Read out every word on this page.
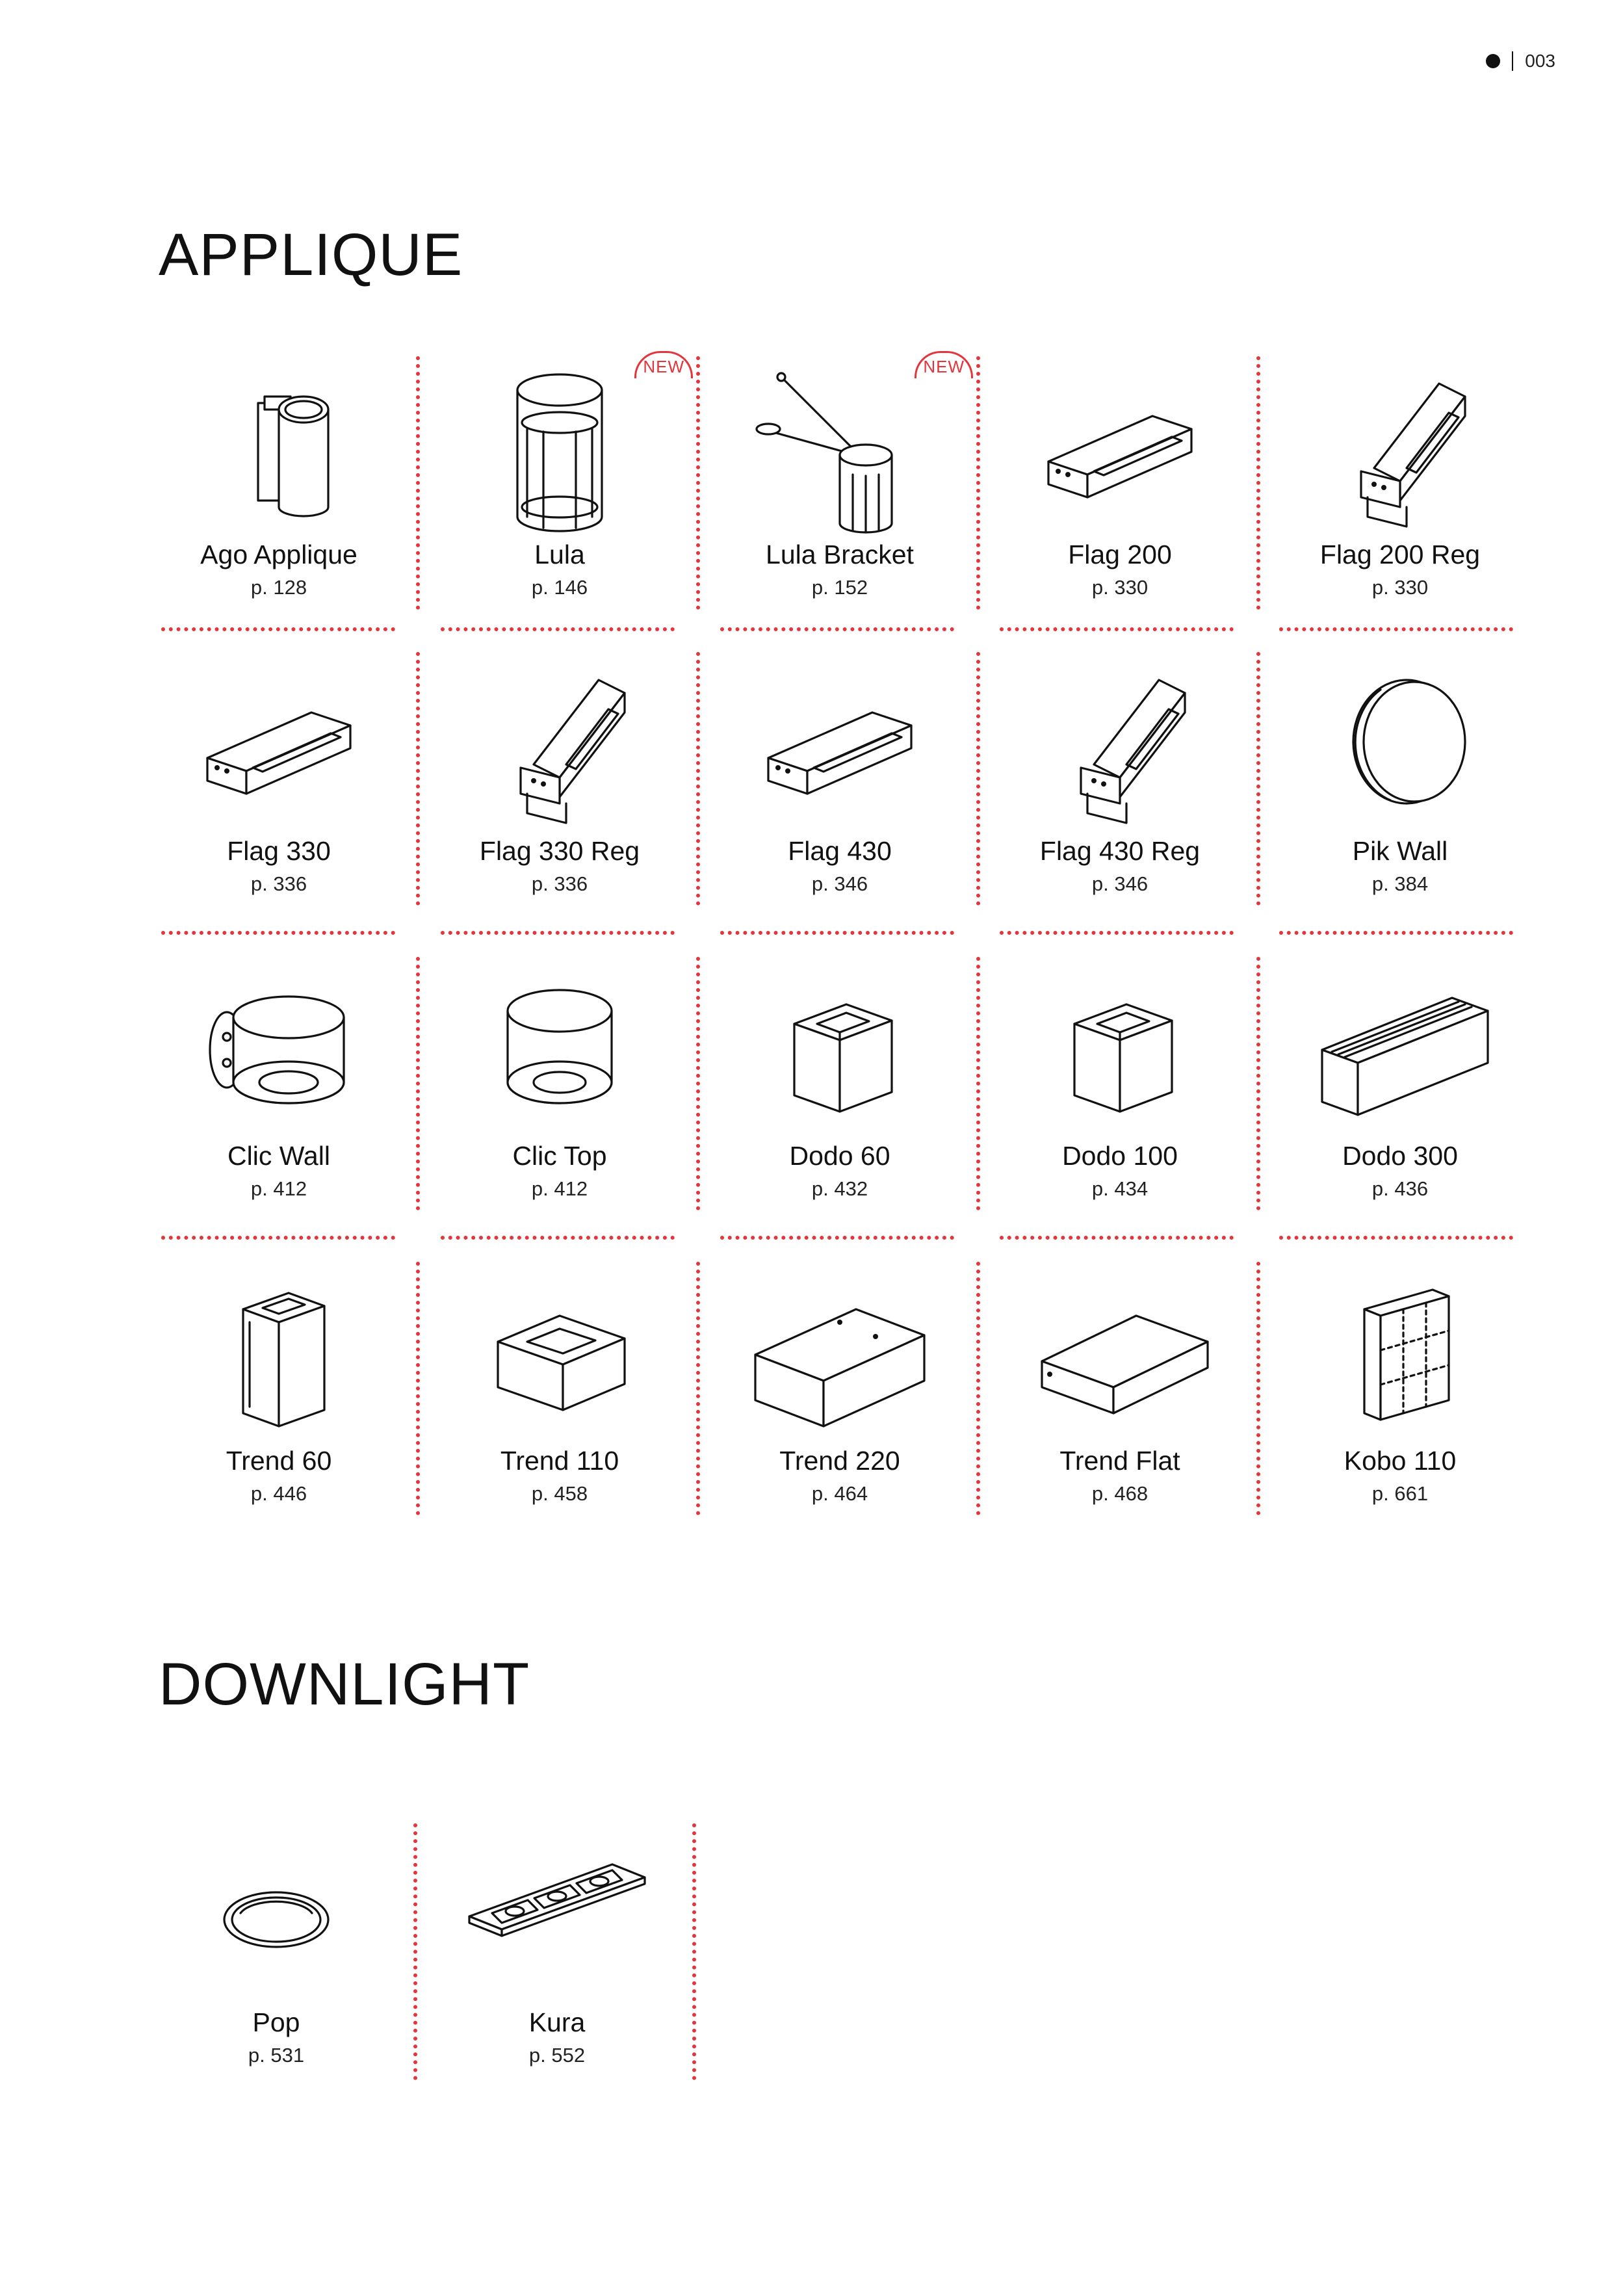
003
APPLIQUE
DOWNLIGHT
Ago Applique
p. 128
Lula
p. 146
NEW
Lula Bracket
p. 152
NEW
Flag 200
p. 330
Flag 200 Reg
p. 330
Flag 330
p. 336
Flag 330 Reg
p. 336
Flag 430
p. 346
Flag 430 Reg
p. 346
Pik Wall
p. 384
Clic Wall
p. 412
Clic Top
p. 412
Dodo 60
p. 432
Dodo 100
p. 434
Dodo 300
p. 436
Trend 60
p. 446
Trend 110
p. 458
Trend 220
p. 464
Trend Flat
p. 468
Kobo 110
p. 661
Pop
p. 531
Kura
p. 552
